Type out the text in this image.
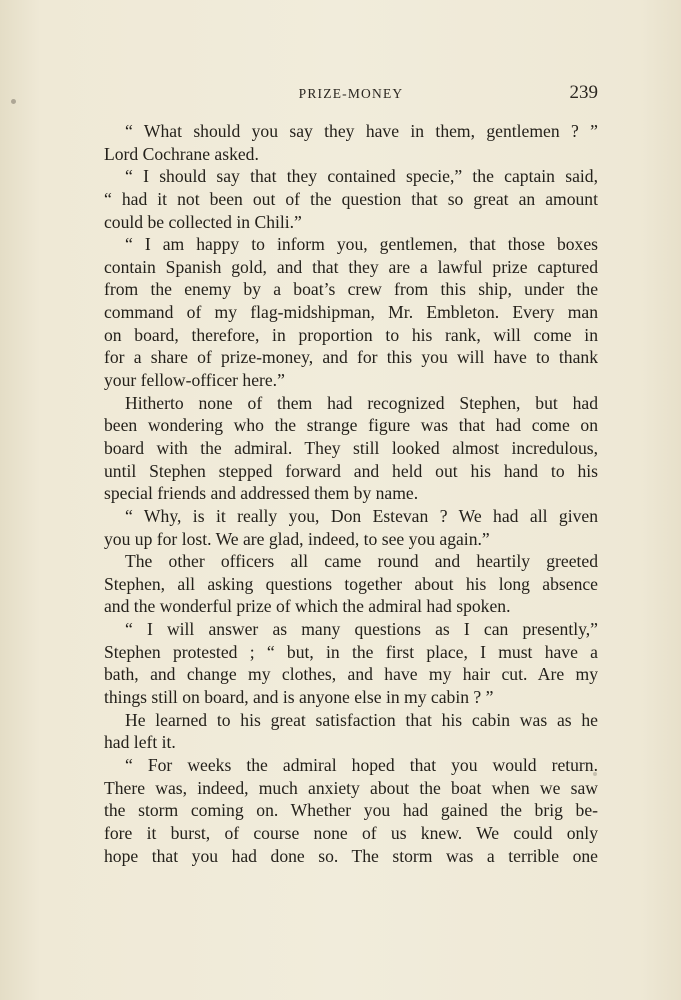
PRIZE-MONEY	239
“ What should you say they have in them, gentlemen ? ”
Lord Cochrane asked.
“ I should say that they contained specie,” the captain said,
“ had it not been out of the question that so great an amount
could be collected in Chili.”
“ I am happy to inform you, gentlemen, that those boxes
contain Spanish gold, and that they are a lawful prize captured
from the enemy by a boat’s crew from this ship, under the
command of my flag-midshipman, Mr. Embleton. Every man
on board, therefore, in proportion to his rank, will come in
for a share of prize-money, and for this you will have to thank
your fellow-officer here.”
Hitherto none of them had recognized Stephen, but had
been wondering who the strange figure was that had come on
board with the admiral. They still looked almost incredulous,
until Stephen stepped forward and held out his hand to his
special friends and addressed them by name.
“ Why, is it really you, Don Estevan ? We had all given
you up for lost. We are glad, indeed, to see you again.”
The other officers all came round and heartily greeted
Stephen, all asking questions together about his long absence
and the wonderful prize of which the admiral had spoken.
“ I will answer as many questions as I can presently,”
Stephen protested ; “ but, in the first place, I must have a
bath, and change my clothes, and have my hair cut. Are my
things still on board, and is anyone else in my cabin ? ”
He learned to his great satisfaction that his cabin was as he
had left it.
“ For weeks the admiral hoped that you would return.
There was, indeed, much anxiety about the boat when we saw
the storm coming on. Whether you had gained the brig be-
fore it burst, of course none of us knew. We could only
hope that you had done so. The storm was a terrible one
